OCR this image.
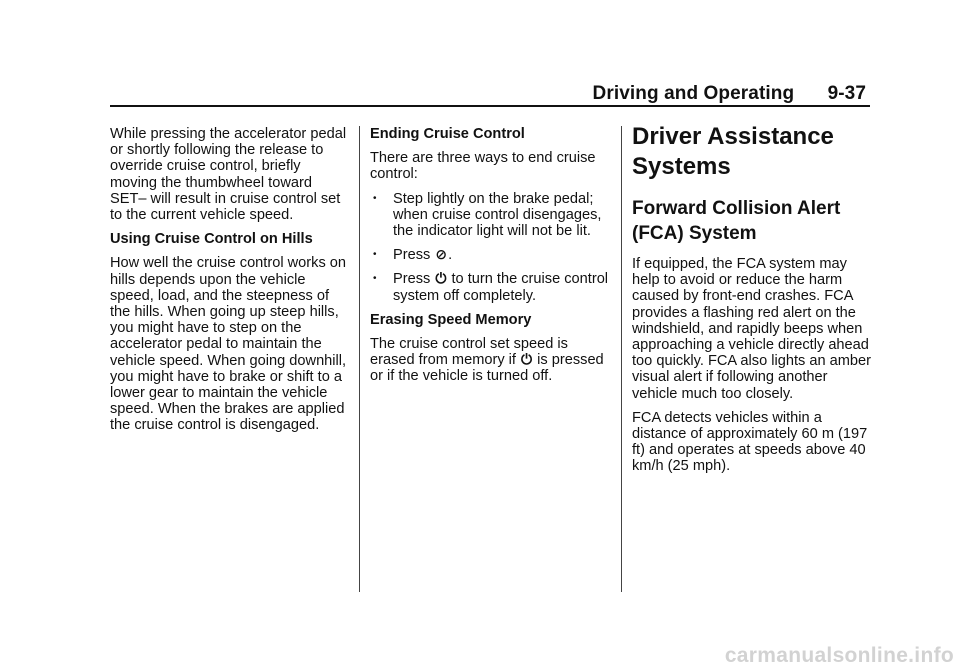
Driving and Operating 9-37

While pressing the accelerator pedal or shortly following the release to override cruise control, briefly moving the thumbwheel toward SET– will result in cruise control set to the current vehicle speed.

Using Cruise Control on Hills

How well the cruise control works on hills depends upon the vehicle speed, load, and the steepness of the hills. When going up steep hills, you might have to step on the accelerator pedal to maintain the vehicle speed. When going downhill, you might have to brake or shift to a lower gear to maintain the vehicle speed. When the brakes are applied the cruise control is disengaged.

Ending Cruise Control

There are three ways to end cruise control:

• Step lightly on the brake pedal; when cruise control disengages, the indicator light will not be lit.
• Press ⊘.
• Press ⏻ to turn the cruise control system off completely.

Erasing Speed Memory

The cruise control set speed is erased from memory if ⏻ is pressed or if the vehicle is turned off.

Driver Assistance Systems
Forward Collision Alert (FCA) System

If equipped, the FCA system may help to avoid or reduce the harm caused by front-end crashes. FCA provides a flashing red alert on the windshield, and rapidly beeps when approaching a vehicle directly ahead too quickly. FCA also lights an amber visual alert if following another vehicle much too closely.

FCA detects vehicles within a distance of approximately 60 m (197 ft) and operates at speeds above 40 km/h (25 mph).

carmanualsonline.info
